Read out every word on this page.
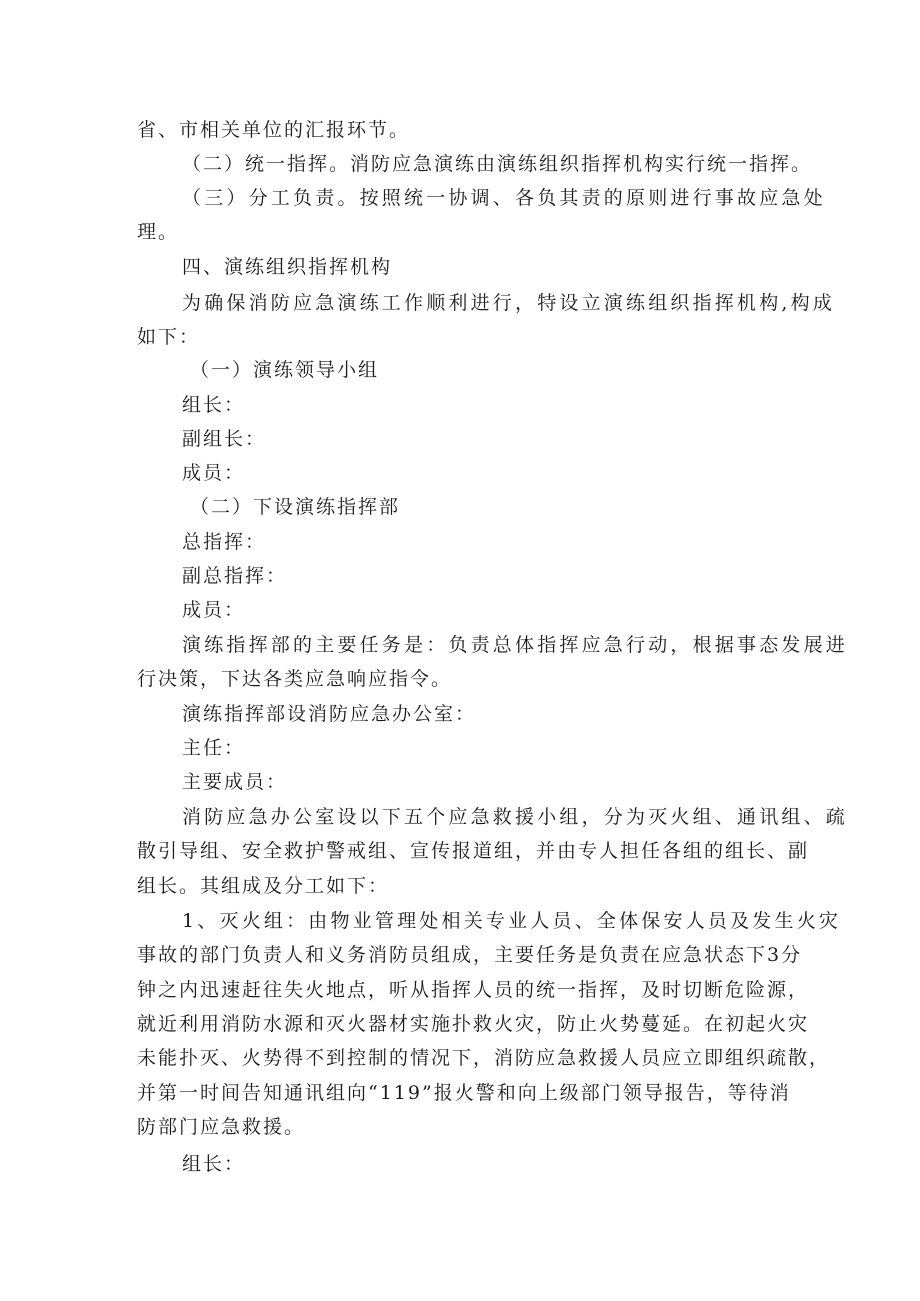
省、市相关单位的汇报环节。

（二）统一指挥。消防应急演练由演练组织指挥机构实行统一指挥。

（三）分工负责。按照统一协调、各负其责的原则进行事故应急处

理。

四、演练组织指挥机构

为确保消防应急演练工作顺利进行，特设立演练组织指挥机构,构成

如下：

（一）演练领导小组

组长：

副组长：

成员：

（二）下设演练指挥部

总指挥：

副总指挥：

成员：

演练指挥部的主要任务是：负责总体指挥应急行动，根据事态发展进

行决策，下达各类应急响应指令。

演练指挥部设消防应急办公室：

主任：

主要成员：

消防应急办公室设以下五个应急救援小组，分为灭火组、通讯组、疏

散引导组、安全救护警戒组、宣传报道组，并由专人担任各组的组长、副

组长。其组成及分工如下：

1、灭火组：由物业管理处相关专业人员、全体保安人员及发生火灾

事故的部门负责人和义务消防员组成，主要任务是负责在应急状态下3分

钟之内迅速赶往失火地点，听从指挥人员的统一指挥，及时切断危险源，

就近利用消防水源和灭火器材实施扑救火灾，防止火势蔓延。在初起火灾

未能扑灭、火势得不到控制的情况下，消防应急救援人员应立即组织疏散，

并第一时间告知通讯组向“119”报火警和向上级部门领导报告，等待消

防部门应急救援。

组长：
